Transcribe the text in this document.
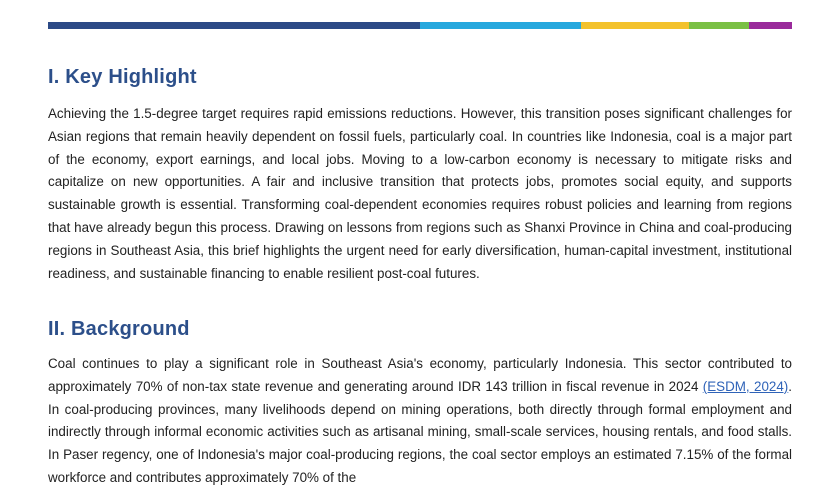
I. Key Highlight

Achieving the 1.5-degree target requires rapid emissions reductions. However, this transition poses significant challenges for Asian regions that remain heavily dependent on fossil fuels, particularly coal. In countries like Indonesia, coal is a major part of the economy, export earnings, and local jobs. Moving to a low-carbon economy is necessary to mitigate risks and capitalize on new opportunities. A fair and inclusive transition that protects jobs, promotes social equity, and supports sustainable growth is essential. Transforming coal-dependent economies requires robust policies and learning from regions that have already begun this process. Drawing on lessons from regions such as Shanxi Province in China and coal-producing regions in Southeast Asia, this brief highlights the urgent need for early diversification, human-capital investment, institutional readiness, and sustainable financing to enable resilient post-coal futures.

II. Background

Coal continues to play a significant role in Southeast Asia's economy, particularly Indonesia. This sector contributed to approximately 70% of non-tax state revenue and generating around IDR 143 trillion in fiscal revenue in 2024 (ESDM, 2024). In coal-producing provinces, many livelihoods depend on mining operations, both directly through formal employment and indirectly through informal economic activities such as artisanal mining, small-scale services, housing rentals, and food stalls. In Paser regency, one of Indonesia's major coal-producing regions, the coal sector employs an estimated 7.15% of the formal workforce and contributes approximately 70% of the
